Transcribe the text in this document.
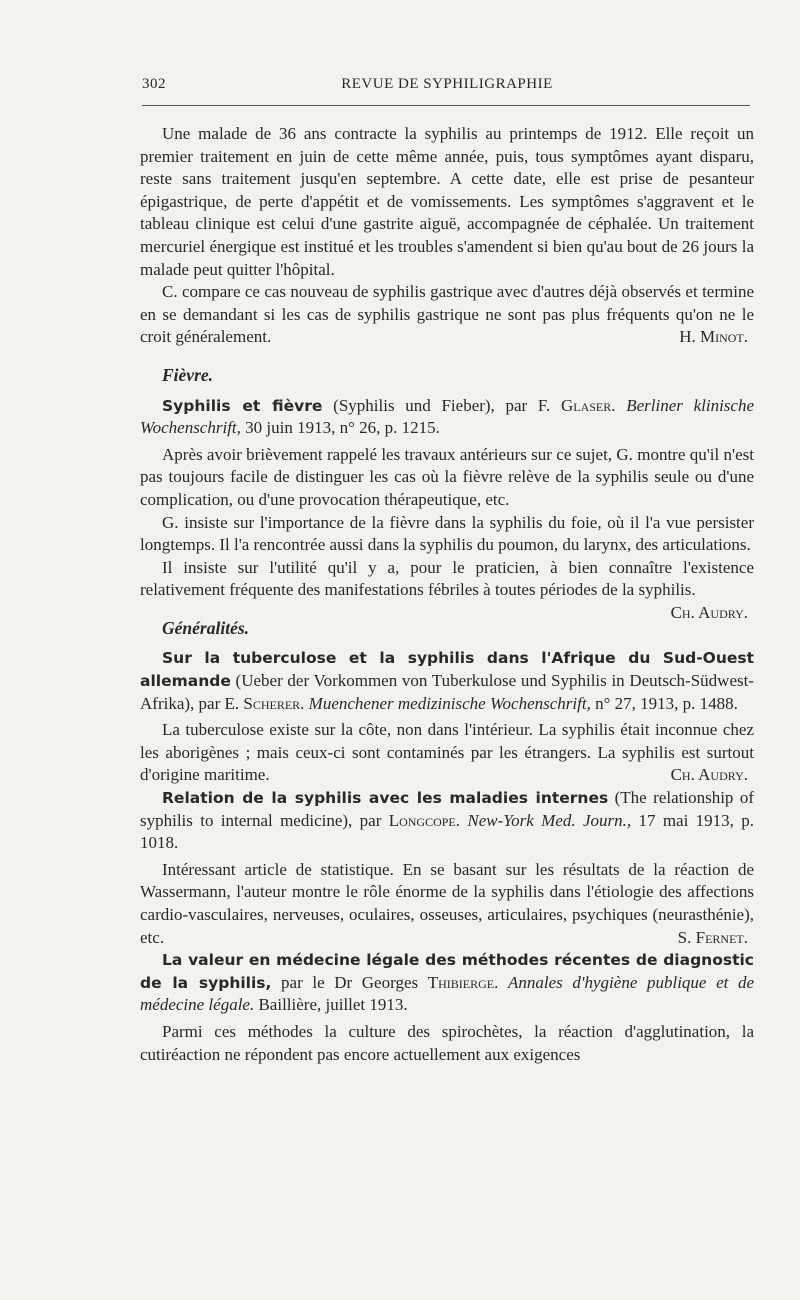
302	REVUE DE SYPHILIGRAPHIE

Une malade de 36 ans contracte la syphilis au printemps de 1912. Elle reçoit un premier traitement en juin de cette même année, puis, tous symptômes ayant disparu, reste sans traitement jusqu'en septembre. A cette date, elle est prise de pesanteur épigastrique, de perte d'appétit et de vomissements. Les symptômes s'aggravent et le tableau clinique est celui d'une gastrite aiguë, accompagnée de céphalée. Un traitement mercuriel énergique est institué et les troubles s'amendent si bien qu'au bout de 26 jours la malade peut quitter l'hôpital.

C. compare ce cas nouveau de syphilis gastrique avec d'autres déjà observés et termine en se demandant si les cas de syphilis gastrique ne sont pas plus fréquents qu'on ne le croit généralement.	H. Minot.

Fièvre.

Syphilis et fièvre (Syphilis und Fieber), par F. Glaser. Berliner klinische Wochenschrift, 30 juin 1913, n° 26, p. 1215.

Après avoir brièvement rappelé les travaux antérieurs sur ce sujet, G. montre qu'il n'est pas toujours facile de distinguer les cas où la fièvre relève de la syphilis seule ou d'une complication, ou d'une provocation thérapeutique, etc.

G. insiste sur l'importance de la fièvre dans la syphilis du foie, où il l'a vue persister longtemps. Il l'a rencontrée aussi dans la syphilis du poumon, du larynx, des articulations.

Il insiste sur l'utilité qu'il y a, pour le praticien, à bien connaître l'existence relativement fréquente des manifestations fébriles à toutes périodes de la syphilis.
Ch. Audry.

Généralités.

Sur la tuberculose et la syphilis dans l'Afrique du Sud-Ouest allemande (Ueber der Vorkommen von Tuberkulose und Syphilis in Deutsch-Südwest-Afrika), par E. Scherer. Muenchener medizinische Wochenschrift, n° 27, 1913, p. 1488.

La tuberculose existe sur la côte, non dans l'intérieur. La syphilis était inconnue chez les aborigènes ; mais ceux-ci sont contaminés par les étrangers. La syphilis est surtout d'origine maritime.	Ch. Audry.

Relation de la syphilis avec les maladies internes (The relationship of syphilis to internal medicine), par Longcope. New-York Med. Journ., 17 mai 1913, p. 1018.

Intéressant article de statistique. En se basant sur les résultats de la réaction de Wassermann, l'auteur montre le rôle énorme de la syphilis dans l'étiologie des affections cardio-vasculaires, nerveuses, oculaires, osseuses, articulaires, psychiques (neurasthénie), etc.	S. Fernet.

La valeur en médecine légale des méthodes récentes de diagnostic de la syphilis, par le Dr Georges Thibierge. Annales d'hygiène publique et de médecine légale. Baillière, juillet 1913.

Parmi ces méthodes la culture des spirochètes, la réaction d'agglutination, la cutiréaction ne répondent pas encore actuellement aux exigences
